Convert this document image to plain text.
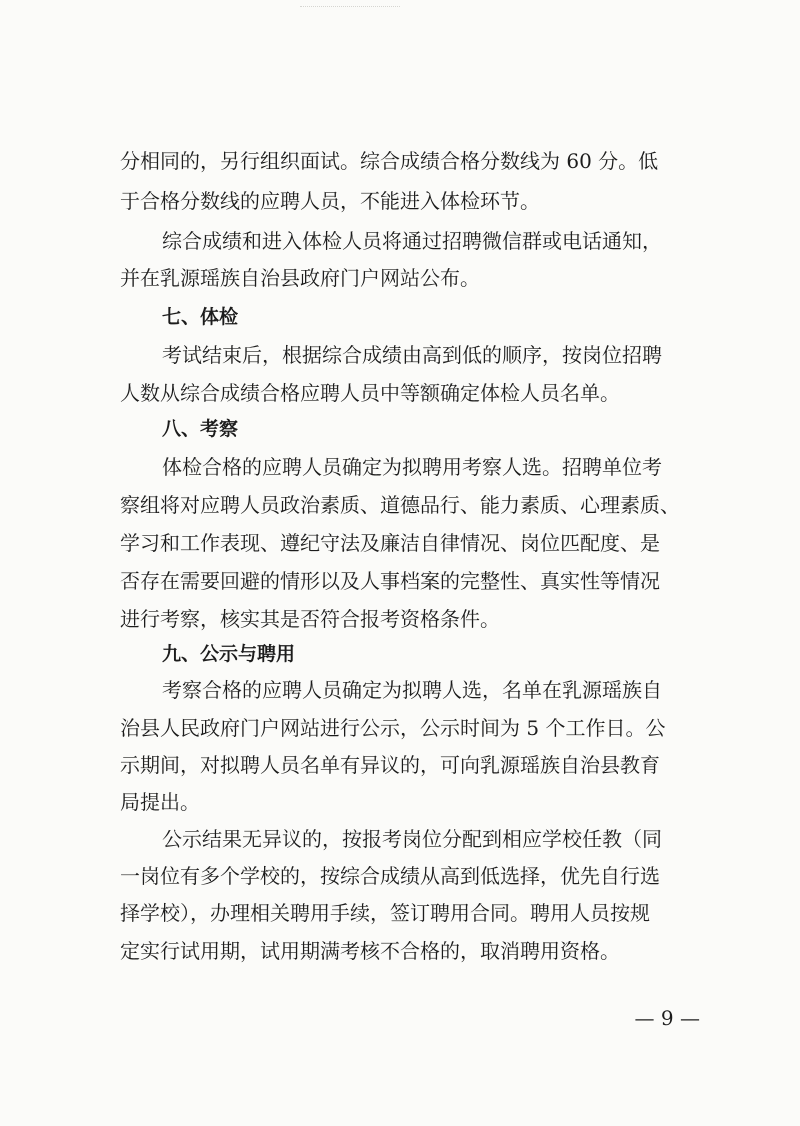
分相同的，另行组织面试。综合成绩合格分数线为 60 分。低
于合格分数线的应聘人员，不能进入体检环节。
综合成绩和进入体检人员将通过招聘微信群或电话通知，
并在乳源瑶族自治县政府门户网站公布。
七、体检
考试结束后，根据综合成绩由高到低的顺序，按岗位招聘
人数从综合成绩合格应聘人员中等额确定体检人员名单。
八、考察
体检合格的应聘人员确定为拟聘用考察人选。招聘单位考
察组将对应聘人员政治素质、道德品行、能力素质、心理素质、
学习和工作表现、遵纪守法及廉洁自律情况、岗位匹配度、是
否存在需要回避的情形以及人事档案的完整性、真实性等情况
进行考察，核实其是否符合报考资格条件。
九、公示与聘用
考察合格的应聘人员确定为拟聘人选，名单在乳源瑶族自
治县人民政府门户网站进行公示，公示时间为 5 个工作日。公
示期间，对拟聘人员名单有异议的，可向乳源瑶族自治县教育
局提出。
公示结果无异议的，按报考岗位分配到相应学校任教（同
一岗位有多个学校的，按综合成绩从高到低选择，优先自行选
择学校），办理相关聘用手续，签订聘用合同。聘用人员按规
定实行试用期，试用期满考核不合格的，取消聘用资格。
— 9 —
